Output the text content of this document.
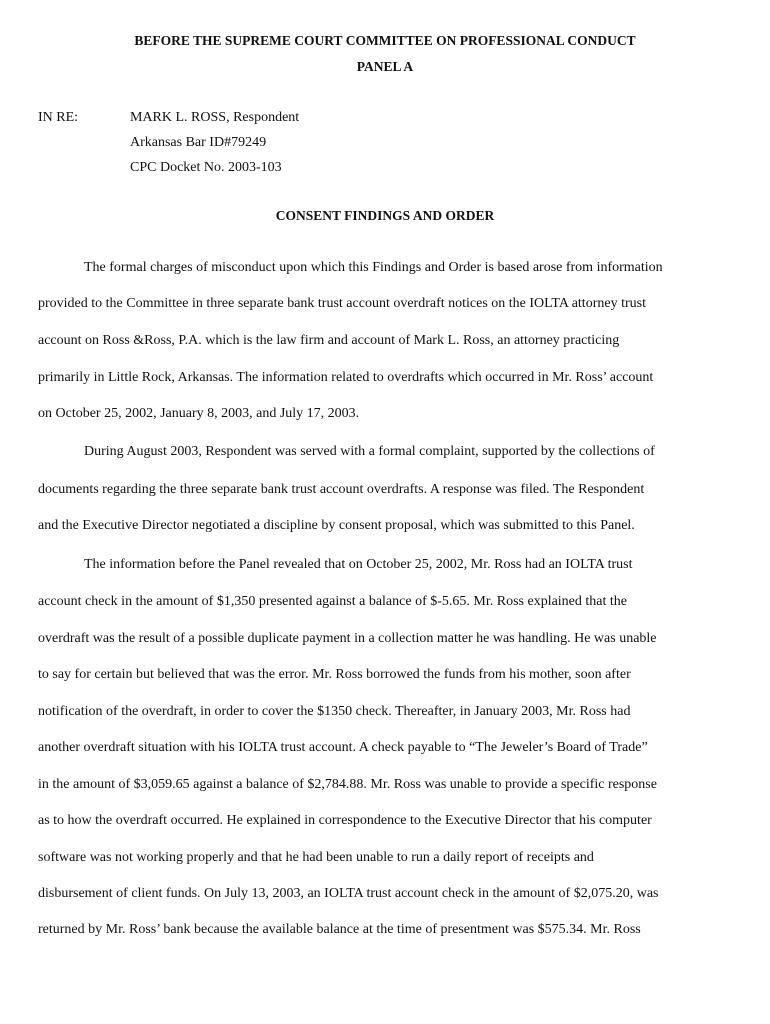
BEFORE THE SUPREME COURT COMMITTEE ON PROFESSIONAL CONDUCT
PANEL A
IN RE:	MARK L. ROSS, Respondent
Arkansas Bar ID#79249
CPC Docket No. 2003-103
CONSENT FINDINGS AND ORDER
The formal charges of misconduct upon which this Findings and Order is based arose from information
provided to the Committee in three separate bank trust account overdraft notices on the IOLTA attorney trust
account on Ross &Ross, P.A. which is the law firm and account of Mark L. Ross, an attorney practicing
primarily in Little Rock, Arkansas. The information related to overdrafts which occurred in Mr. Ross’ account
on October 25, 2002, January 8, 2003, and July 17, 2003.
During August 2003, Respondent was served with a formal complaint, supported by the collections of
documents regarding the three separate bank trust account overdrafts. A response was filed. The Respondent
and the Executive Director negotiated a discipline by consent proposal, which was submitted to this Panel.
The information before the Panel revealed that on October 25, 2002, Mr. Ross had an IOLTA trust
account check in the amount of $1,350 presented against a balance of $-5.65. Mr. Ross explained that the
overdraft was the result of a possible duplicate payment in a collection matter he was handling. He was unable
to say for certain but believed that was the error. Mr. Ross borrowed the funds from his mother, soon after
notification of the overdraft, in order to cover the $1350 check. Thereafter, in January 2003, Mr. Ross had
another overdraft situation with his IOLTA trust account. A check payable to “The Jeweler’s Board of Trade”
in the amount of $3,059.65 against a balance of $2,784.88. Mr. Ross was unable to provide a specific response
as to how the overdraft occurred. He explained in correspondence to the Executive Director that his computer
software was not working properly and that he had been unable to run a daily report of receipts and
disbursement of client funds. On July 13, 2003, an IOLTA trust account check in the amount of $2,075.20, was
returned by Mr. Ross’ bank because the available balance at the time of presentment was $575.34. Mr. Ross
